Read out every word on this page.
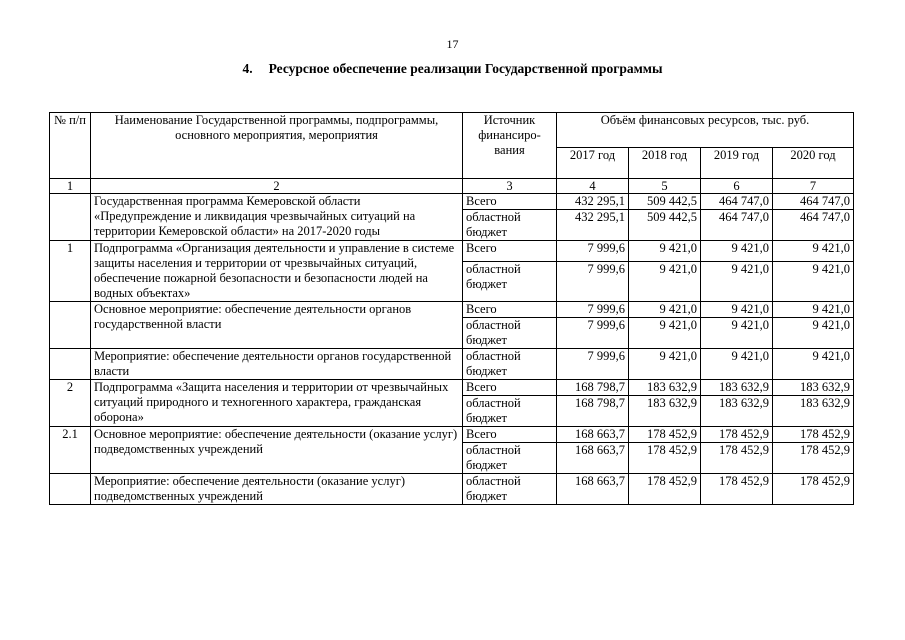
17
4. Ресурсное обеспечение реализации Государственной программы
№ п/п	Наименование Государственной программы, подпрограммы, основного мероприятия, мероприятия	Источник финансиро-вания	Объём финансовых ресурсов, тыс. руб.			
			2017 год	2018 год	2019 год	2020 год
1	2	3	4	5	6	7
	Государственная программа Кемеровской области «Предупреждение и ликвидация чрезвычайных ситуаций на территории Кемеровской области» на 2017-2020 годы	Всего	432 295,1	509 442,5	464 747,0	464 747,0
		областной бюджет	432 295,1	509 442,5	464 747,0	464 747,0
1	Подпрограмма «Организация деятельности и управление в системе защиты населения и территории от чрезвычайных ситуаций, обеспечение пожарной безопасности и безопасности людей на водных объектах»	Всего	7 999,6	9 421,0	9 421,0	9 421,0
		областной бюджет	7 999,6	9 421,0	9 421,0	9 421,0
	Основное мероприятие: обеспечение деятельности органов государственной власти	Всего	7 999,6	9 421,0	9 421,0	9 421,0
		областной бюджет	7 999,6	9 421,0	9 421,0	9 421,0
	Мероприятие: обеспечение деятельности органов государственной власти	областной бюджет	7 999,6	9 421,0	9 421,0	9 421,0
2	Подпрограмма «Защита населения и территории от чрезвычайных ситуаций природного и техногенного характера, гражданская оборона»	Всего	168 798,7	183 632,9	183 632,9	183 632,9
		областной бюджет	168 798,7	183 632,9	183 632,9	183 632,9
2.1	Основное мероприятие: обеспечение деятельности (оказание услуг) подведомственных учреждений	Всего	168 663,7	178 452,9	178 452,9	178 452,9
		областной бюджет	168 663,7	178 452,9	178 452,9	178 452,9
	Мероприятие: обеспечение деятельности (оказание услуг) подведомственных учреждений	областной бюджет	168 663,7	178 452,9	178 452,9	178 452,9
